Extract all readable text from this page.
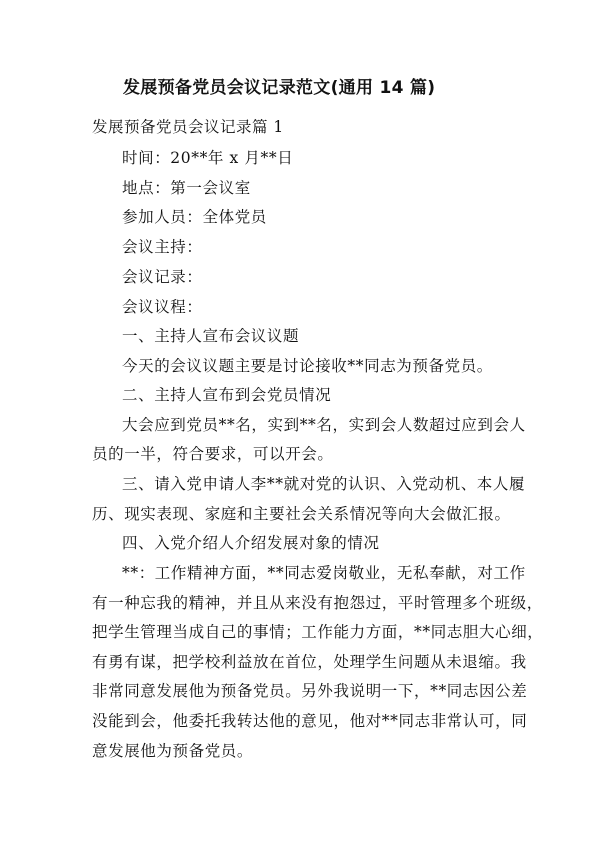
发展预备党员会议记录范文(通用 14 篇)
发展预备党员会议记录篇 1
时间：20**年 x 月**日
地点：第一会议室
参加人员：全体党员
会议主持：
会议记录：
会议议程：
一、主持人宣布会议议题
今天的会议议题主要是讨论接收**同志为预备党员。
二、主持人宣布到会党员情况
大会应到党员**名，实到**名，实到会人数超过应到会人
员的一半，符合要求，可以开会。
三、请入党申请人李**就对党的认识、入党动机、本人履
历、现实表现、家庭和主要社会关系情况等向大会做汇报。
四、入党介绍人介绍发展对象的情况
**：工作精神方面，**同志爱岗敬业，无私奉献，对工作
有一种忘我的精神，并且从来没有抱怨过，平时管理多个班级，
把学生管理当成自己的事情；工作能力方面，**同志胆大心细，
有勇有谋，把学校利益放在首位，处理学生问题从未退缩。我
非常同意发展他为预备党员。另外我说明一下，**同志因公差
没能到会，他委托我转达他的意见，他对**同志非常认可，同
意发展他为预备党员。
